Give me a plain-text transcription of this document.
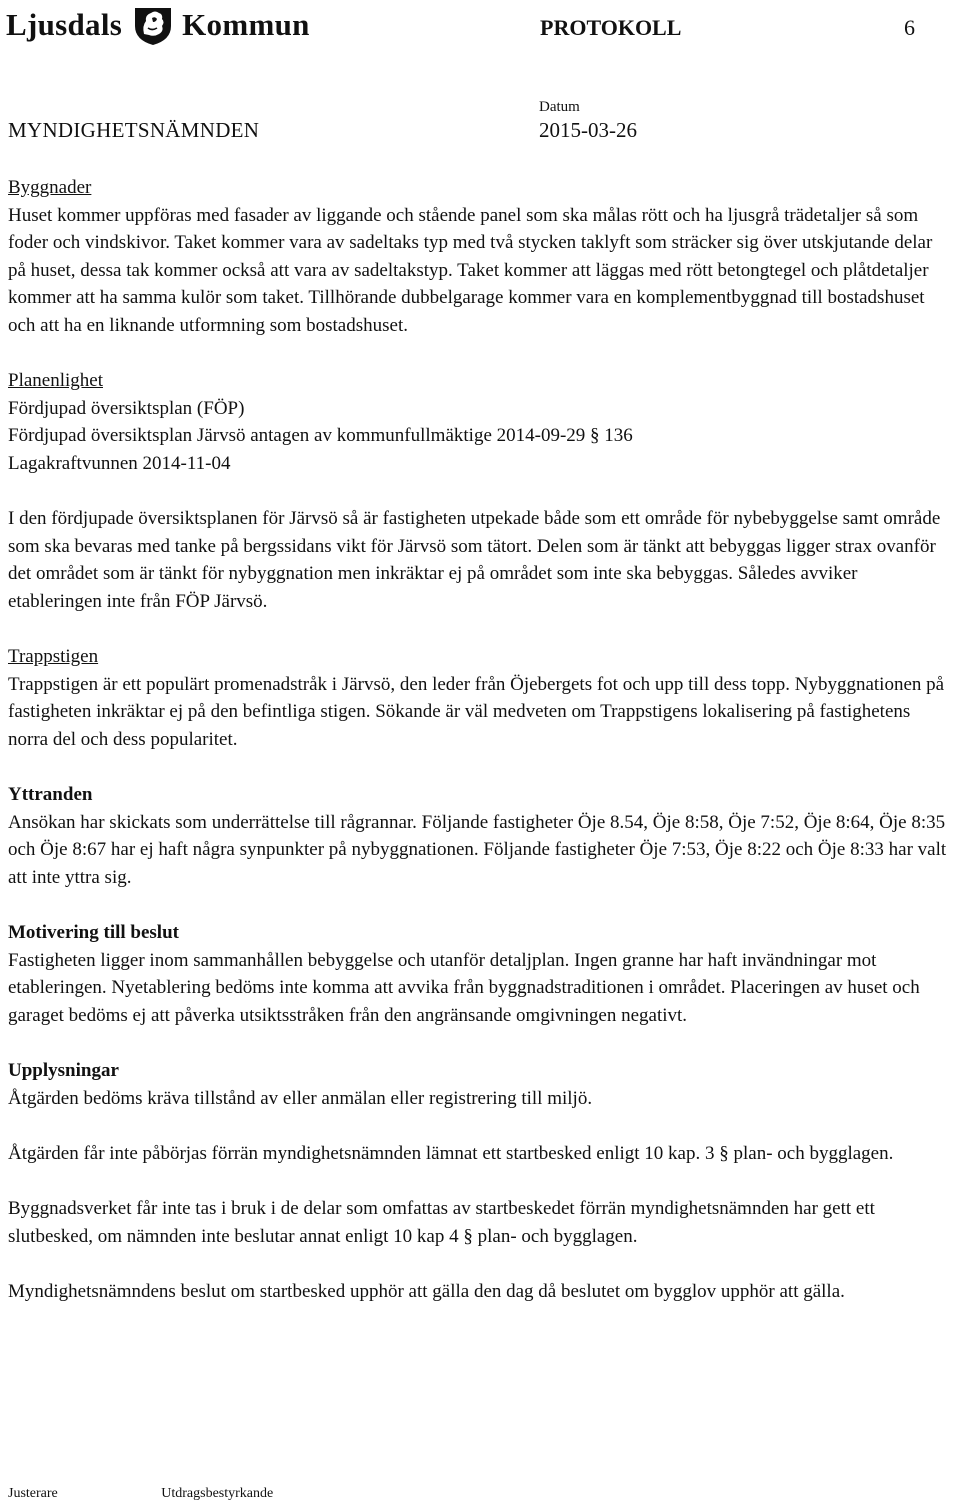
Ljusdals Kommun	PROTOKOLL	6
Datum
MYNDIGHETSNÄMNDEN	2015-03-26
Byggnader
Huset kommer uppföras med fasader av liggande och stående panel som ska målas rött och ha ljusgrå trädetaljer så som foder och vindskivor. Taket kommer vara av sadeltaks typ med två stycken taklyft som sträcker sig över utskjutande delar på huset, dessa tak kommer också att vara av sadeltakstyp. Taket kommer att läggas med rött betongtegel och plåtdetaljer kommer att ha samma kulör som taket. Tillhörande dubbelgarage kommer vara en komplementbyggnad till bostadshuset och att ha en liknande utformning som bostadshuset.
Planenlighet
Fördjupad översiktsplan (FÖP)
Fördjupad översiktsplan Järvsö antagen av kommunfullmäktige 2014-09-29 § 136
Lagakraftvunnen 2014-11-04
I den fördjupade översiktsplanen för Järvsö så är fastigheten utpekade både som ett område för nybebyggelse samt område som ska bevaras med tanke på bergssidans vikt för Järvsö som tätort. Delen som är tänkt att bebyggas ligger strax ovanför det området som är tänkt för nybyggnation men inkräktar ej på området som inte ska bebyggas. Således avviker etableringen inte från FÖP Järvsö.
Trappstigen
Trappstigen är ett populärt promenadstråk i Järvsö, den leder från Öjebergets fot och upp till dess topp. Nybyggnationen på fastigheten inkräktar ej på den befintliga stigen. Sökande är väl medveten om Trappstigens lokalisering på fastighetens norra del och dess popularitet.
Yttranden
Ansökan har skickats som underrättelse till rågrannar. Följande fastigheter Öje 8.54, Öje 8:58, Öje 7:52, Öje 8:64, Öje 8:35 och Öje 8:67 har ej haft några synpunkter på nybyggnationen. Följande fastigheter Öje 7:53, Öje 8:22 och Öje 8:33 har valt att inte yttra sig.
Motivering till beslut
Fastigheten ligger inom sammanhållen bebyggelse och utanför detaljplan. Ingen granne har haft invändningar mot etableringen. Nyetablering bedöms inte komma att avvika från byggnadstraditionen i området. Placeringen av huset och garaget bedöms ej att påverka utsiktsstråken från den angränsande omgivningen negativt.
Upplysningar
Åtgärden bedöms kräva tillstånd av eller anmälan eller registrering till miljö.

Åtgärden får inte påbörjas förrän myndighetsnämnden lämnat ett startbesked enligt 10 kap. 3 § plan- och bygglagen.

Byggnadsverket får inte tas i bruk i de delar som omfattas av startbeskedet förrän myndighetsnämnden har gett ett slutbesked, om nämnden inte beslutar annat enligt 10 kap 4 § plan- och bygglagen.

Myndighetsnämndens beslut om startbesked upphör att gälla den dag då beslutet om bygglov upphör att gälla.

Justerare	Utdragsbestyrkande
